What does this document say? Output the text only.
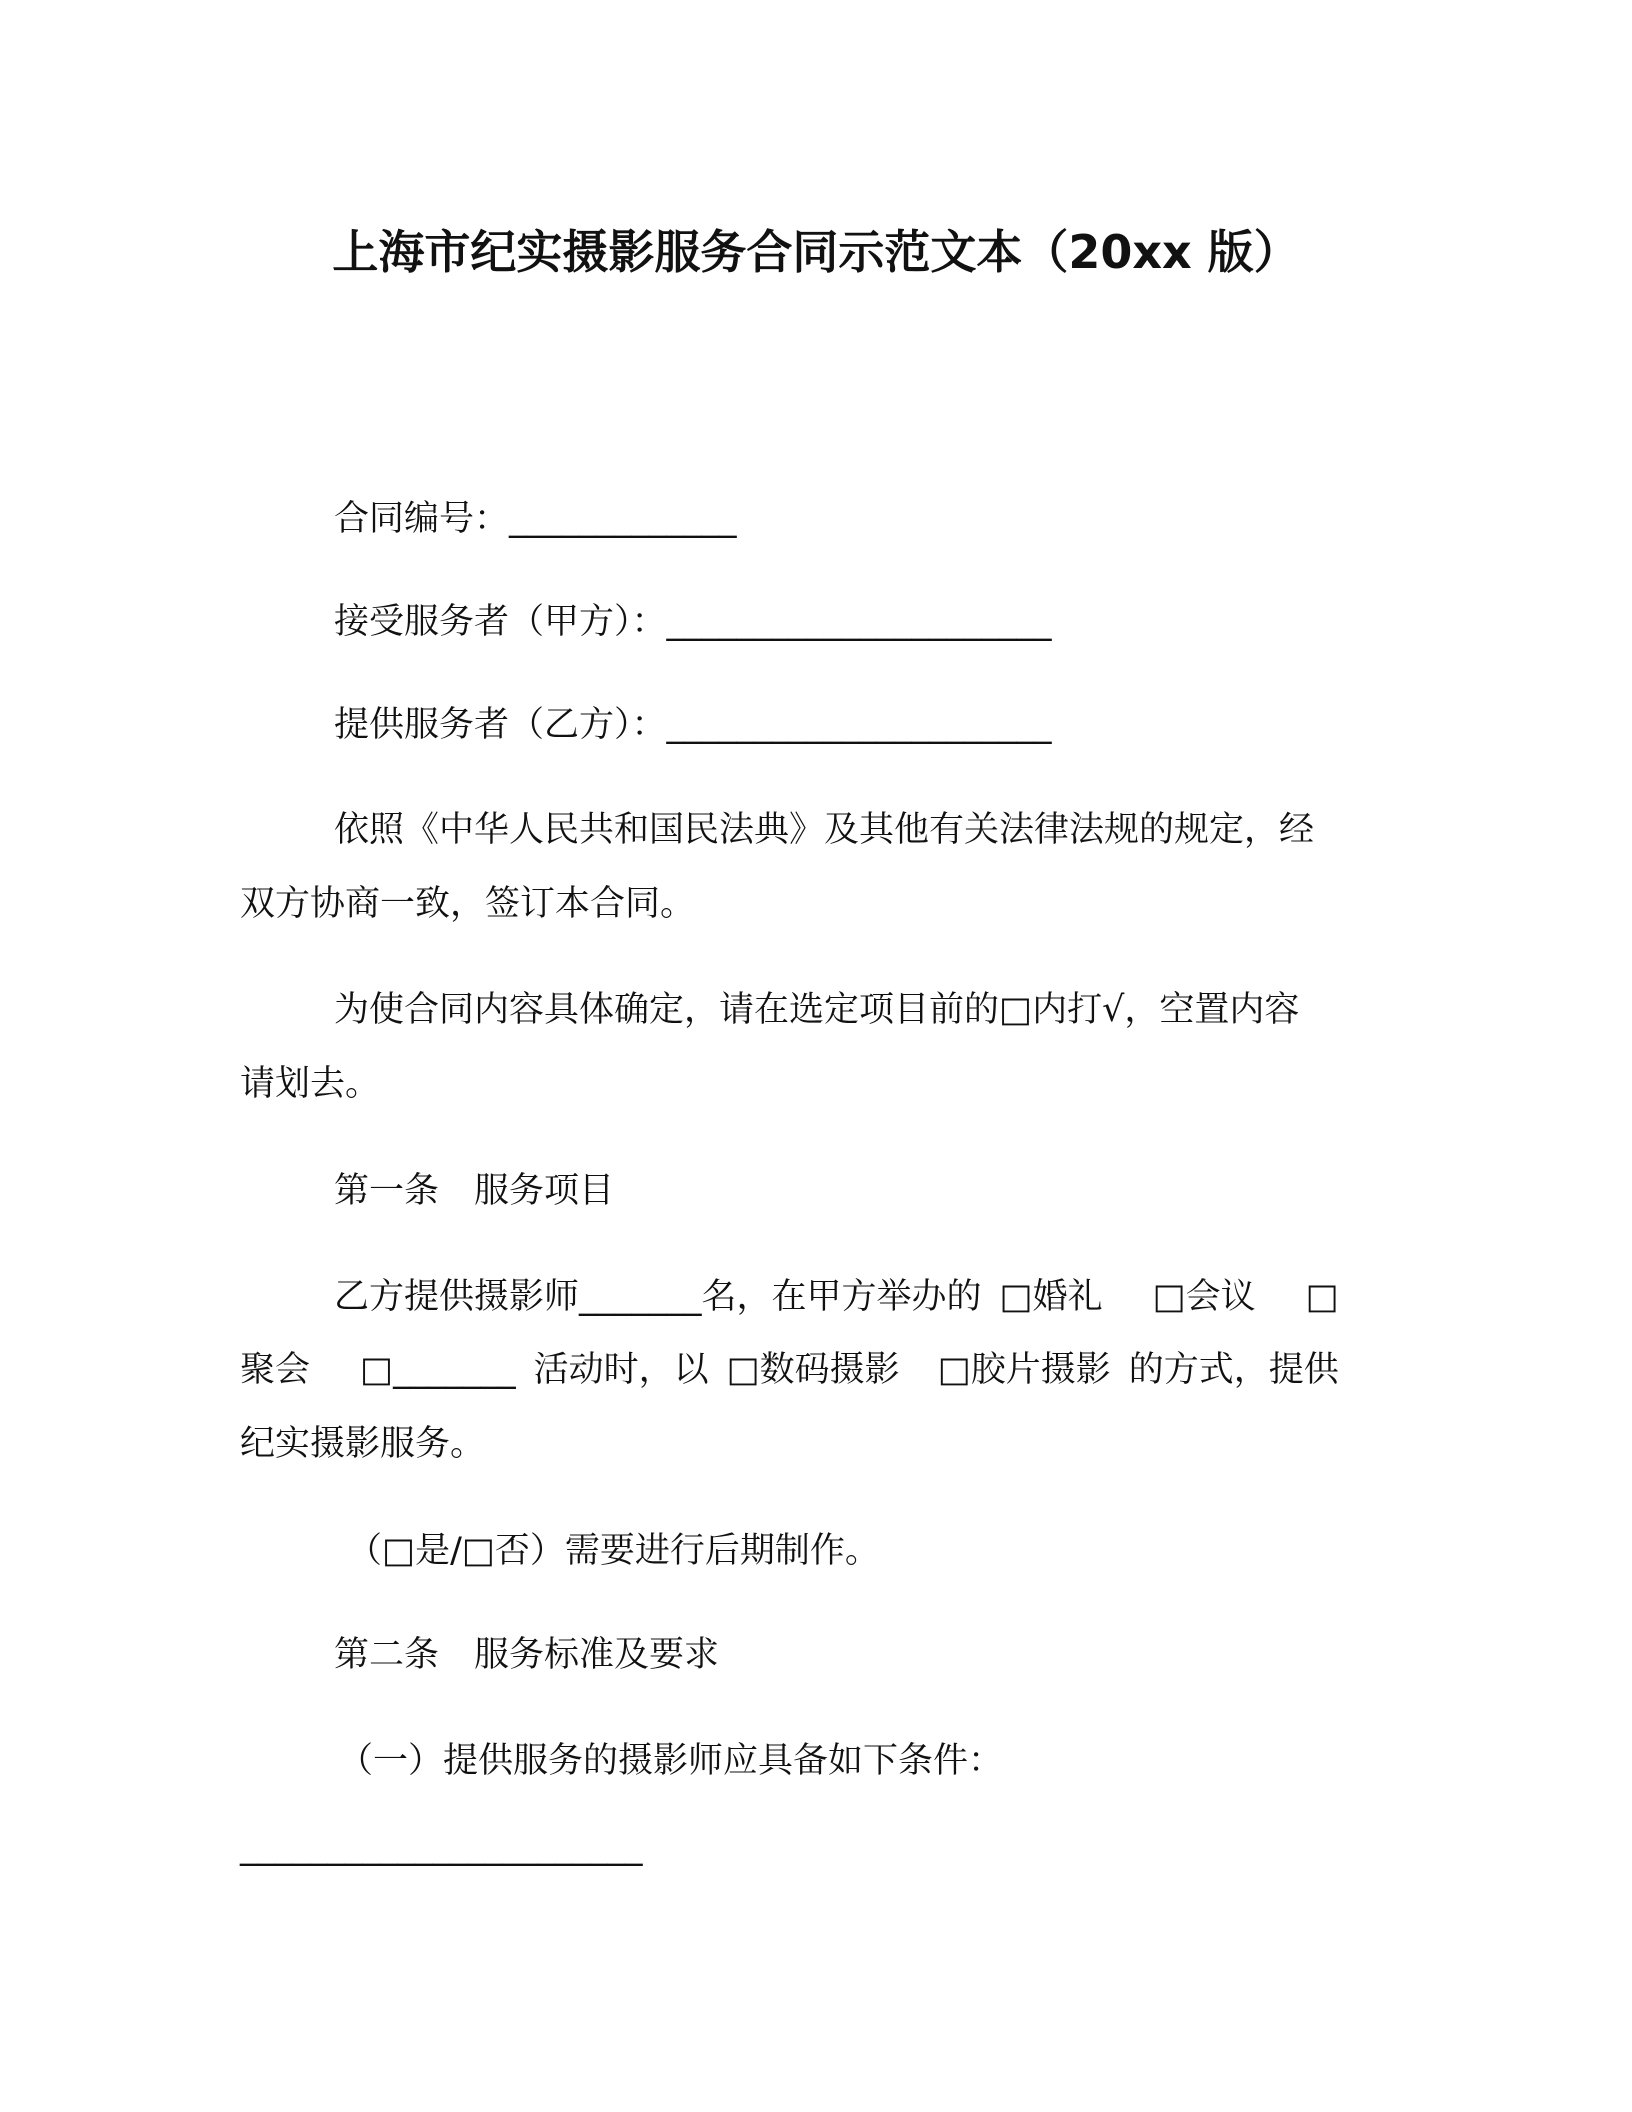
上海市纪实摄影服务合同示范文本（20xx 版）
合同编号：_____________
接受服务者（甲方）：______________________
提供服务者（乙方）：______________________
依照《中华人民共和国民法典》及其他有关法律法规的规定，经
双方协商一致，签订本合同。
为使合同内容具体确定，请在选定项目前的□内打√，空置内容
请划去。
第一条　服务项目
乙方提供摄影师_______名，在甲方举办的 □婚礼 □会议 □
聚会 □_______ 活动时，以 □数码摄影 □胶片摄影 的方式，提供
纪实摄影服务。
（□是/□否）需要进行后期制作。
第二条　服务标准及要求
（一）提供服务的摄影师应具备如下条件：
_______________________
